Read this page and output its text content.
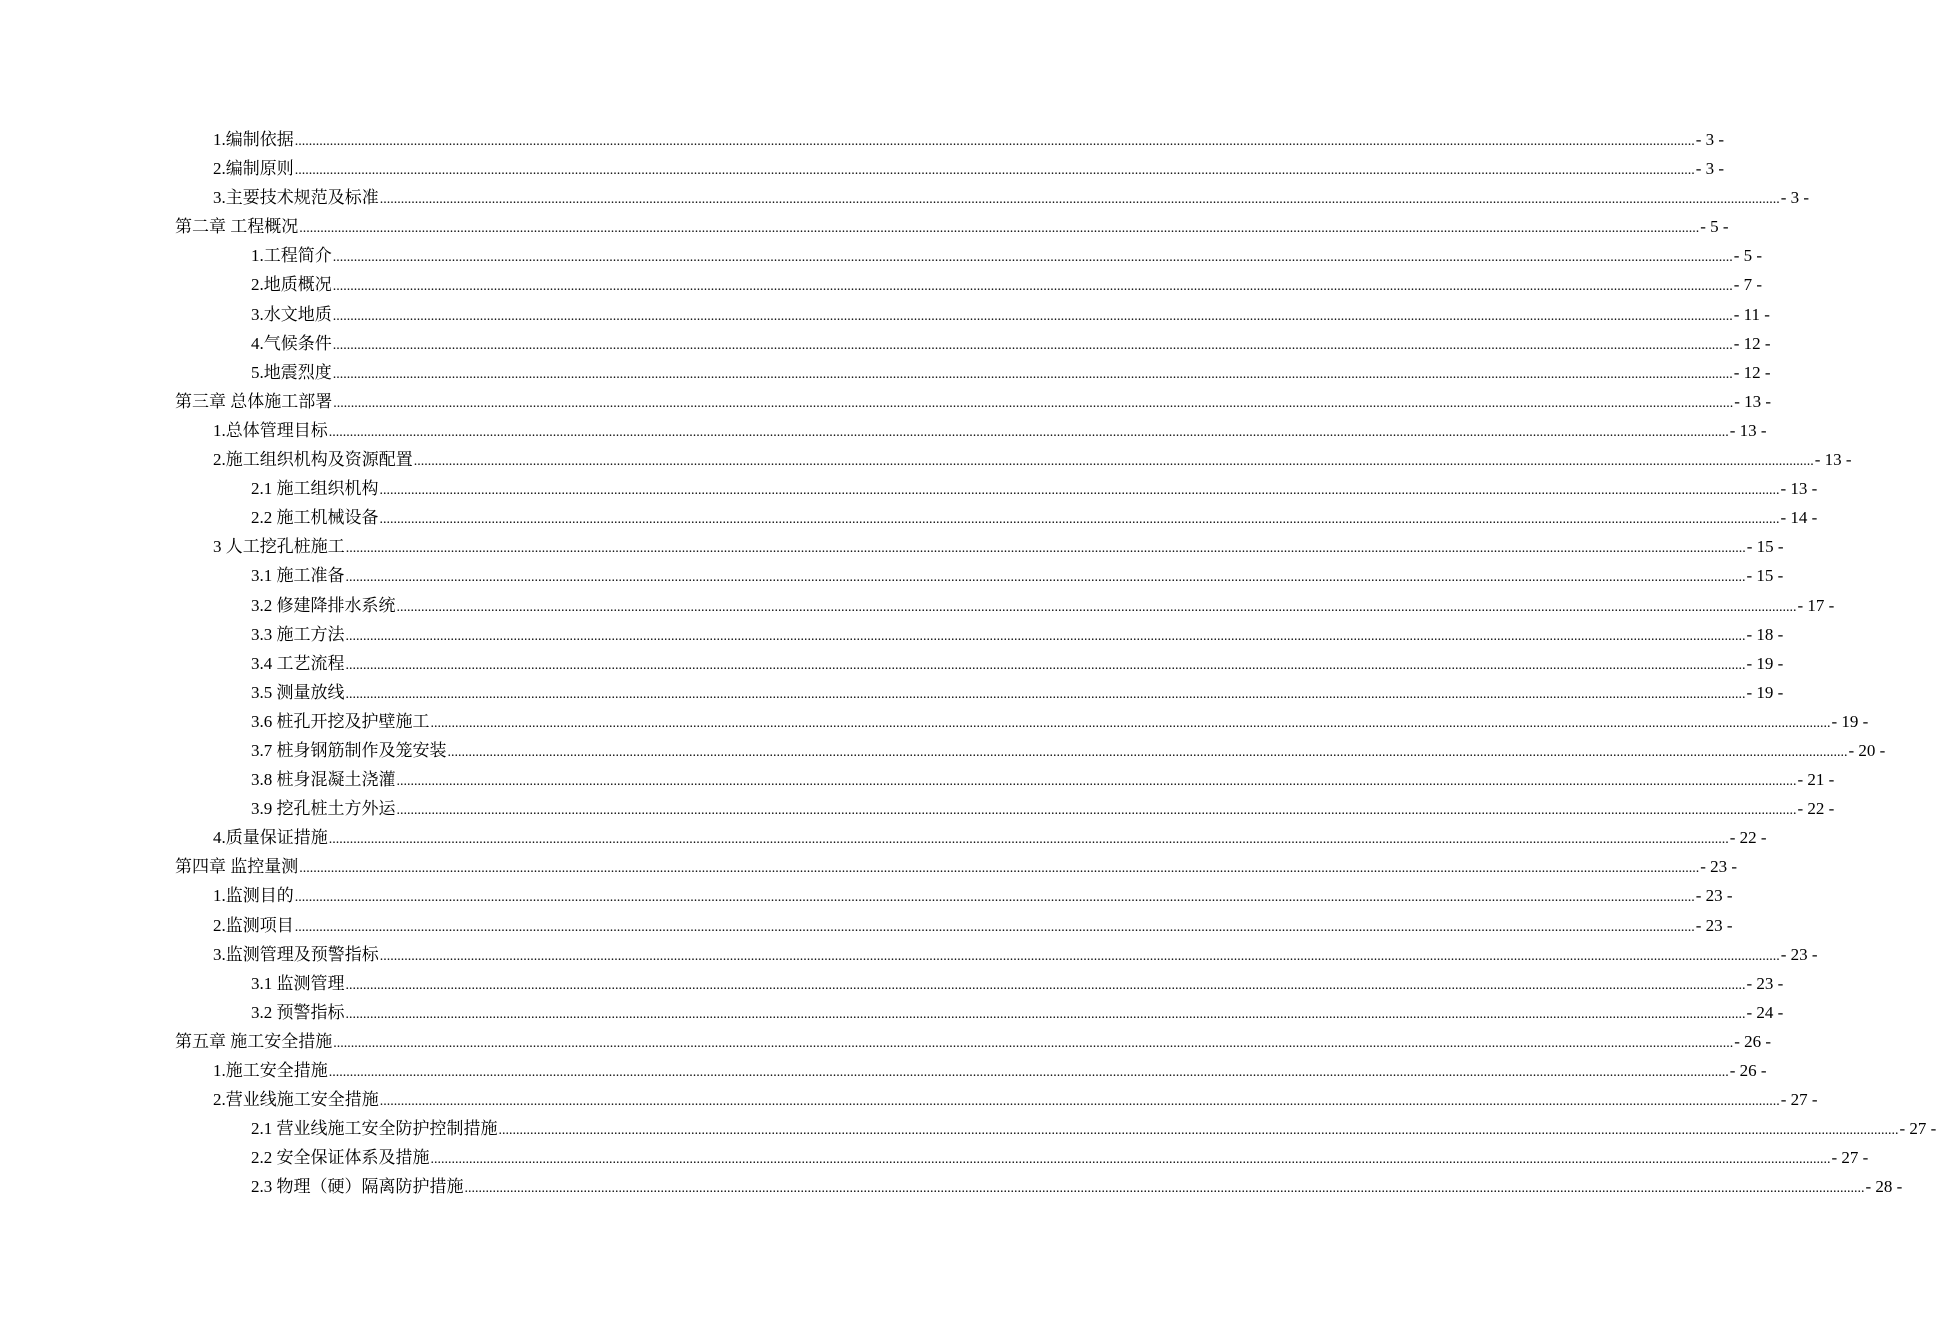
1.编制依据 ................................................................................................................................................................................................................................................................................................................................................................................................................ - 3 -
2.编制原则 ................................................................................................................................................................................................................................................................................................................................................................................................................ - 3 -
3.主要技术规范及标准 ................................................................................................................................................................................................................................................................................................................................................................................................................ - 3 -
第二章 工程概况 ................................................................................................................................................................................................................................................................................................................................................................................................................ - 5 -
1.工程简介 ................................................................................................................................................................................................................................................................................................................................................................................................................ - 5 -
2.地质概况 ................................................................................................................................................................................................................................................................................................................................................................................................................ - 7 -
3.水文地质 ................................................................................................................................................................................................................................................................................................................................................................................................................ - 11 -
4.气候条件 ................................................................................................................................................................................................................................................................................................................................................................................................................ - 12 -
5.地震烈度 ................................................................................................................................................................................................................................................................................................................................................................................................................ - 12 -
第三章 总体施工部署 ................................................................................................................................................................................................................................................................................................................................................................................................................ - 13 -
1.总体管理目标 ................................................................................................................................................................................................................................................................................................................................................................................................................ - 13 -
2.施工组织机构及资源配置 ................................................................................................................................................................................................................................................................................................................................................................................................................ - 13 -
2.1 施工组织机构 ................................................................................................................................................................................................................................................................................................................................................................................................................ - 13 -
2.2 施工机械设备 ................................................................................................................................................................................................................................................................................................................................................................................................................ - 14 -
3 人工挖孔桩施工 ................................................................................................................................................................................................................................................................................................................................................................................................................ - 15 -
3.1 施工准备 ................................................................................................................................................................................................................................................................................................................................................................................................................ - 15 -
3.2 修建降排水系统 ................................................................................................................................................................................................................................................................................................................................................................................................................ - 17 -
3.3 施工方法 ................................................................................................................................................................................................................................................................................................................................................................................................................ - 18 -
3.4 工艺流程 ................................................................................................................................................................................................................................................................................................................................................................................................................ - 19 -
3.5 测量放线 ................................................................................................................................................................................................................................................................................................................................................................................................................ - 19 -
3.6 桩孔开挖及护壁施工 ................................................................................................................................................................................................................................................................................................................................................................................................................ - 19 -
3.7 桩身钢筋制作及笼安装 ................................................................................................................................................................................................................................................................................................................................................................................................................ - 20 -
3.8 桩身混凝土浇灌 ................................................................................................................................................................................................................................................................................................................................................................................................................ - 21 -
3.9 挖孔桩土方外运 ................................................................................................................................................................................................................................................................................................................................................................................................................ - 22 -
4.质量保证措施 ................................................................................................................................................................................................................................................................................................................................................................................................................ - 22 -
第四章 监控量测 ................................................................................................................................................................................................................................................................................................................................................................................................................ - 23 -
1.监测目的 ................................................................................................................................................................................................................................................................................................................................................................................................................ - 23 -
2.监测项目 ................................................................................................................................................................................................................................................................................................................................................................................................................ - 23 -
3.监测管理及预警指标 ................................................................................................................................................................................................................................................................................................................................................................................................................ - 23 -
3.1 监测管理 ................................................................................................................................................................................................................................................................................................................................................................................................................ - 23 -
3.2 预警指标 ................................................................................................................................................................................................................................................................................................................................................................................................................ - 24 -
第五章 施工安全措施 ................................................................................................................................................................................................................................................................................................................................................................................................................ - 26 -
1.施工安全措施 ................................................................................................................................................................................................................................................................................................................................................................................................................ - 26 -
2.营业线施工安全措施 ................................................................................................................................................................................................................................................................................................................................................................................................................ - 27 -
2.1 营业线施工安全防护控制措施 ................................................................................................................................................................................................................................................................................................................................................................................................................ - 27 -
2.2 安全保证体系及措施 ................................................................................................................................................................................................................................................................................................................................................................................................................ - 27 -
2.3 物理（硬）隔离防护措施 ................................................................................................................................................................................................................................................................................................................................................................................................................ - 28 -
